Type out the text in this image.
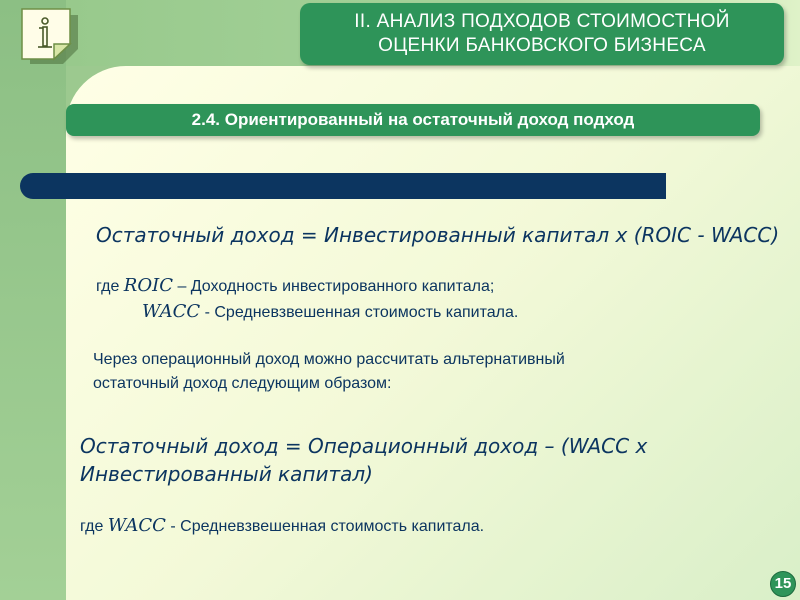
II. АНАЛИЗ ПОДХОДОВ СТОИМОСТНОЙ
ОЦЕНКИ БАНКОВСКОГО БИЗНЕСА
2.4. Ориентированный на остаточный доход подход
Остаточный доход = Инвестированный капитал х (ROIC - WACC)
где ROIC – Доходность инвестированного капитала;
WACC - Средневзвешенная стоимость капитала.
Через операционный доход можно рассчитать альтернативный
остаточный доход следующим образом:
Остаточный доход = Операционный доход – (WACC х
Инвестированный капитал)
где WACC - Средневзвешенная стоимость капитала.
15
